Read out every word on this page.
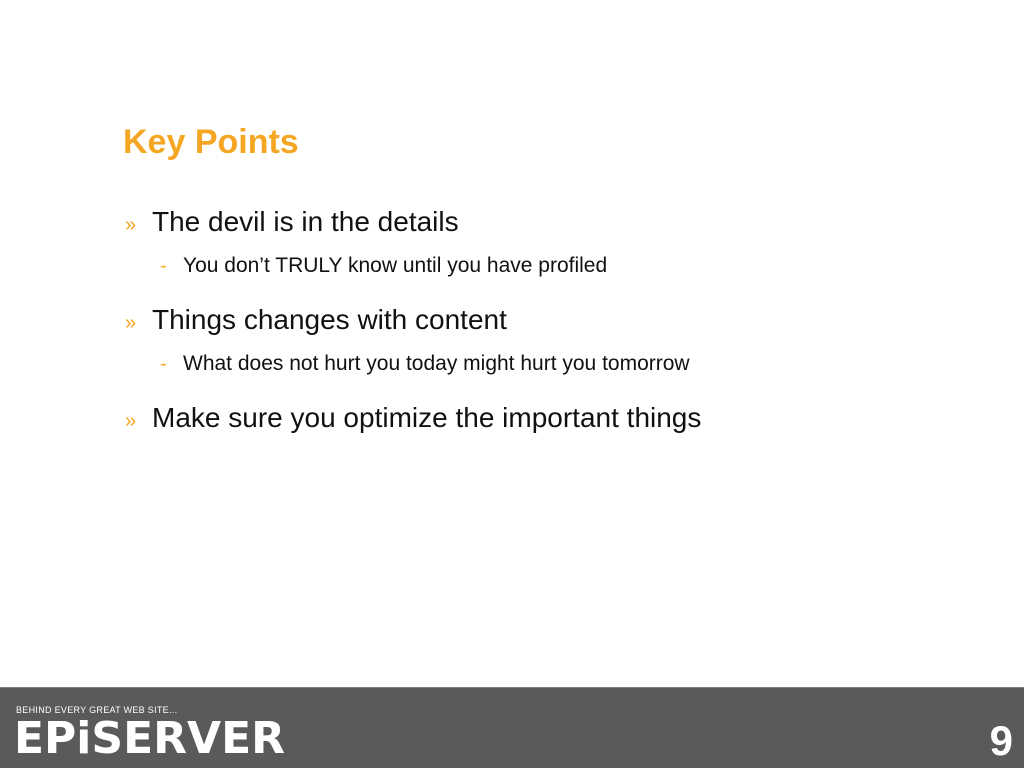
Key Points
» The devil is in the details
- You don’t TRULY know until you have profiled
» Things changes with content
- What does not hurt you today might hurt you tomorrow
» Make sure you optimize the important things
BEHIND EVERY GREAT WEB SITE...
EPiSERVER	9
